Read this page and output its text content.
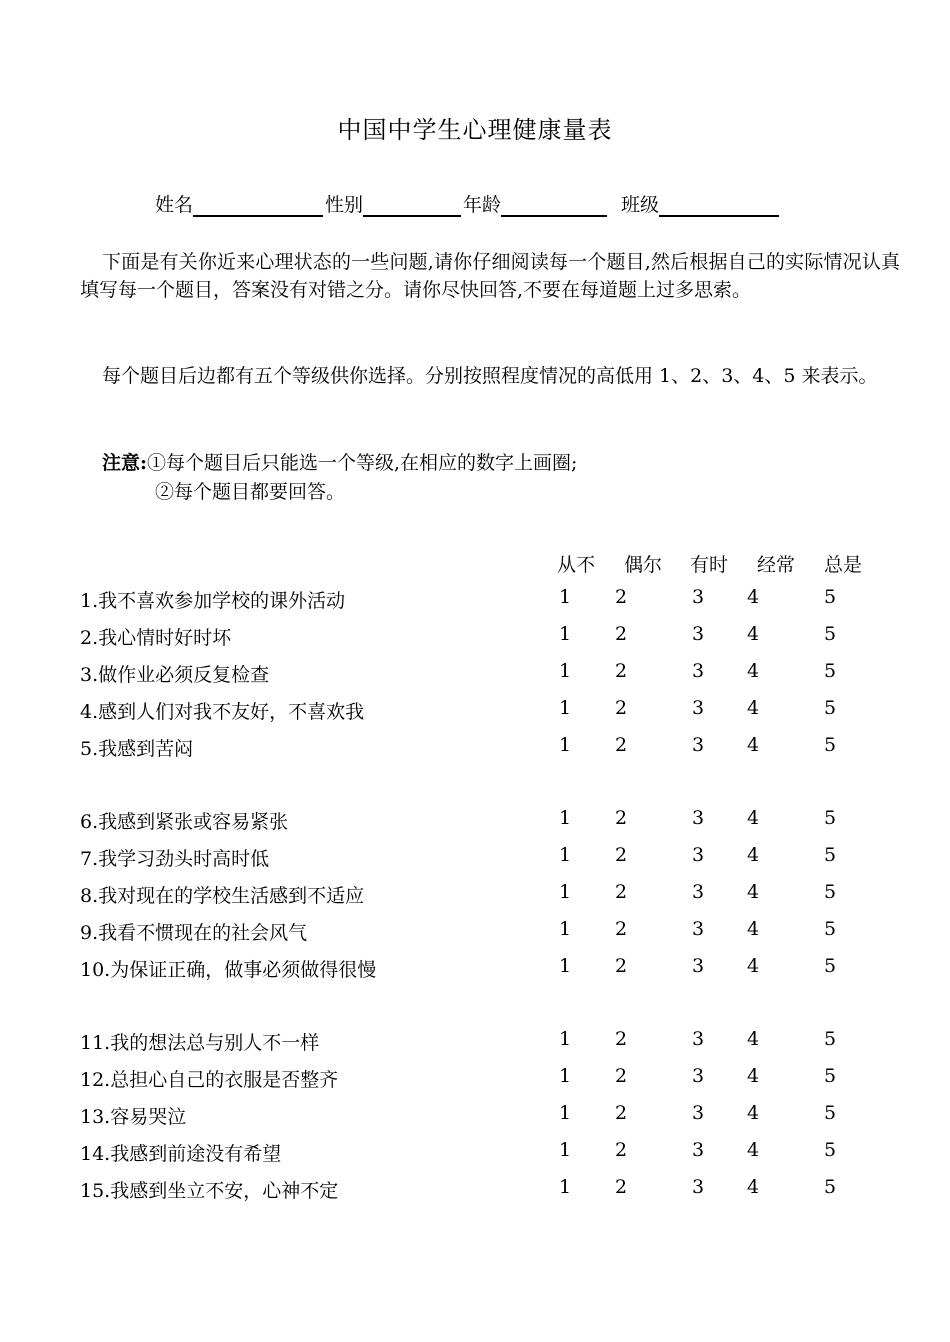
中国中学生心理健康量表
姓名	性别	年龄	班级
下面是有关你近来心理状态的一些问题,请你仔细阅读每一个题目,然后根据自己的实际情况认真填写每一个题目，答案没有对错之分。请你尽快回答,不要在每道题上过多思索。
每个题目后边都有五个等级供你选择。分别按照程度情况的高低用 1、2、3、4、5 来表示。
注意:①每个题目后只能选一个等级,在相应的数字上画圈;
②每个题目都要回答。
从不 偶尔 有时 经常 总是
1.我不喜欢参加学校的课外活动	1 2	3 4	5
2.我心情时好时坏	1 2	3 4	5
3.做作业必须反复检查	1 2	3 4	5
4.感到人们对我不友好，不喜欢我	1 2	3 4	5
5.我感到苦闷	1 2	3 4	5
6.我感到紧张或容易紧张	1 2	3 4	5
7.我学习劲头时高时低	1 2	3 4	5
8.我对现在的学校生活感到不适应	1 2	3 4	5
9.我看不惯现在的社会风气	1 2	3 4	5
10.为保证正确，做事必须做得很慢	1 2	3 4	5
11.我的想法总与别人不一样	1 2	3 4	5
12.总担心自己的衣服是否整齐	1 2	3 4	5
13.容易哭泣	1 2	3 4	5
14.我感到前途没有希望	1 2	3 4	5
15.我感到坐立不安，心神不定	1 2	3 4	5
